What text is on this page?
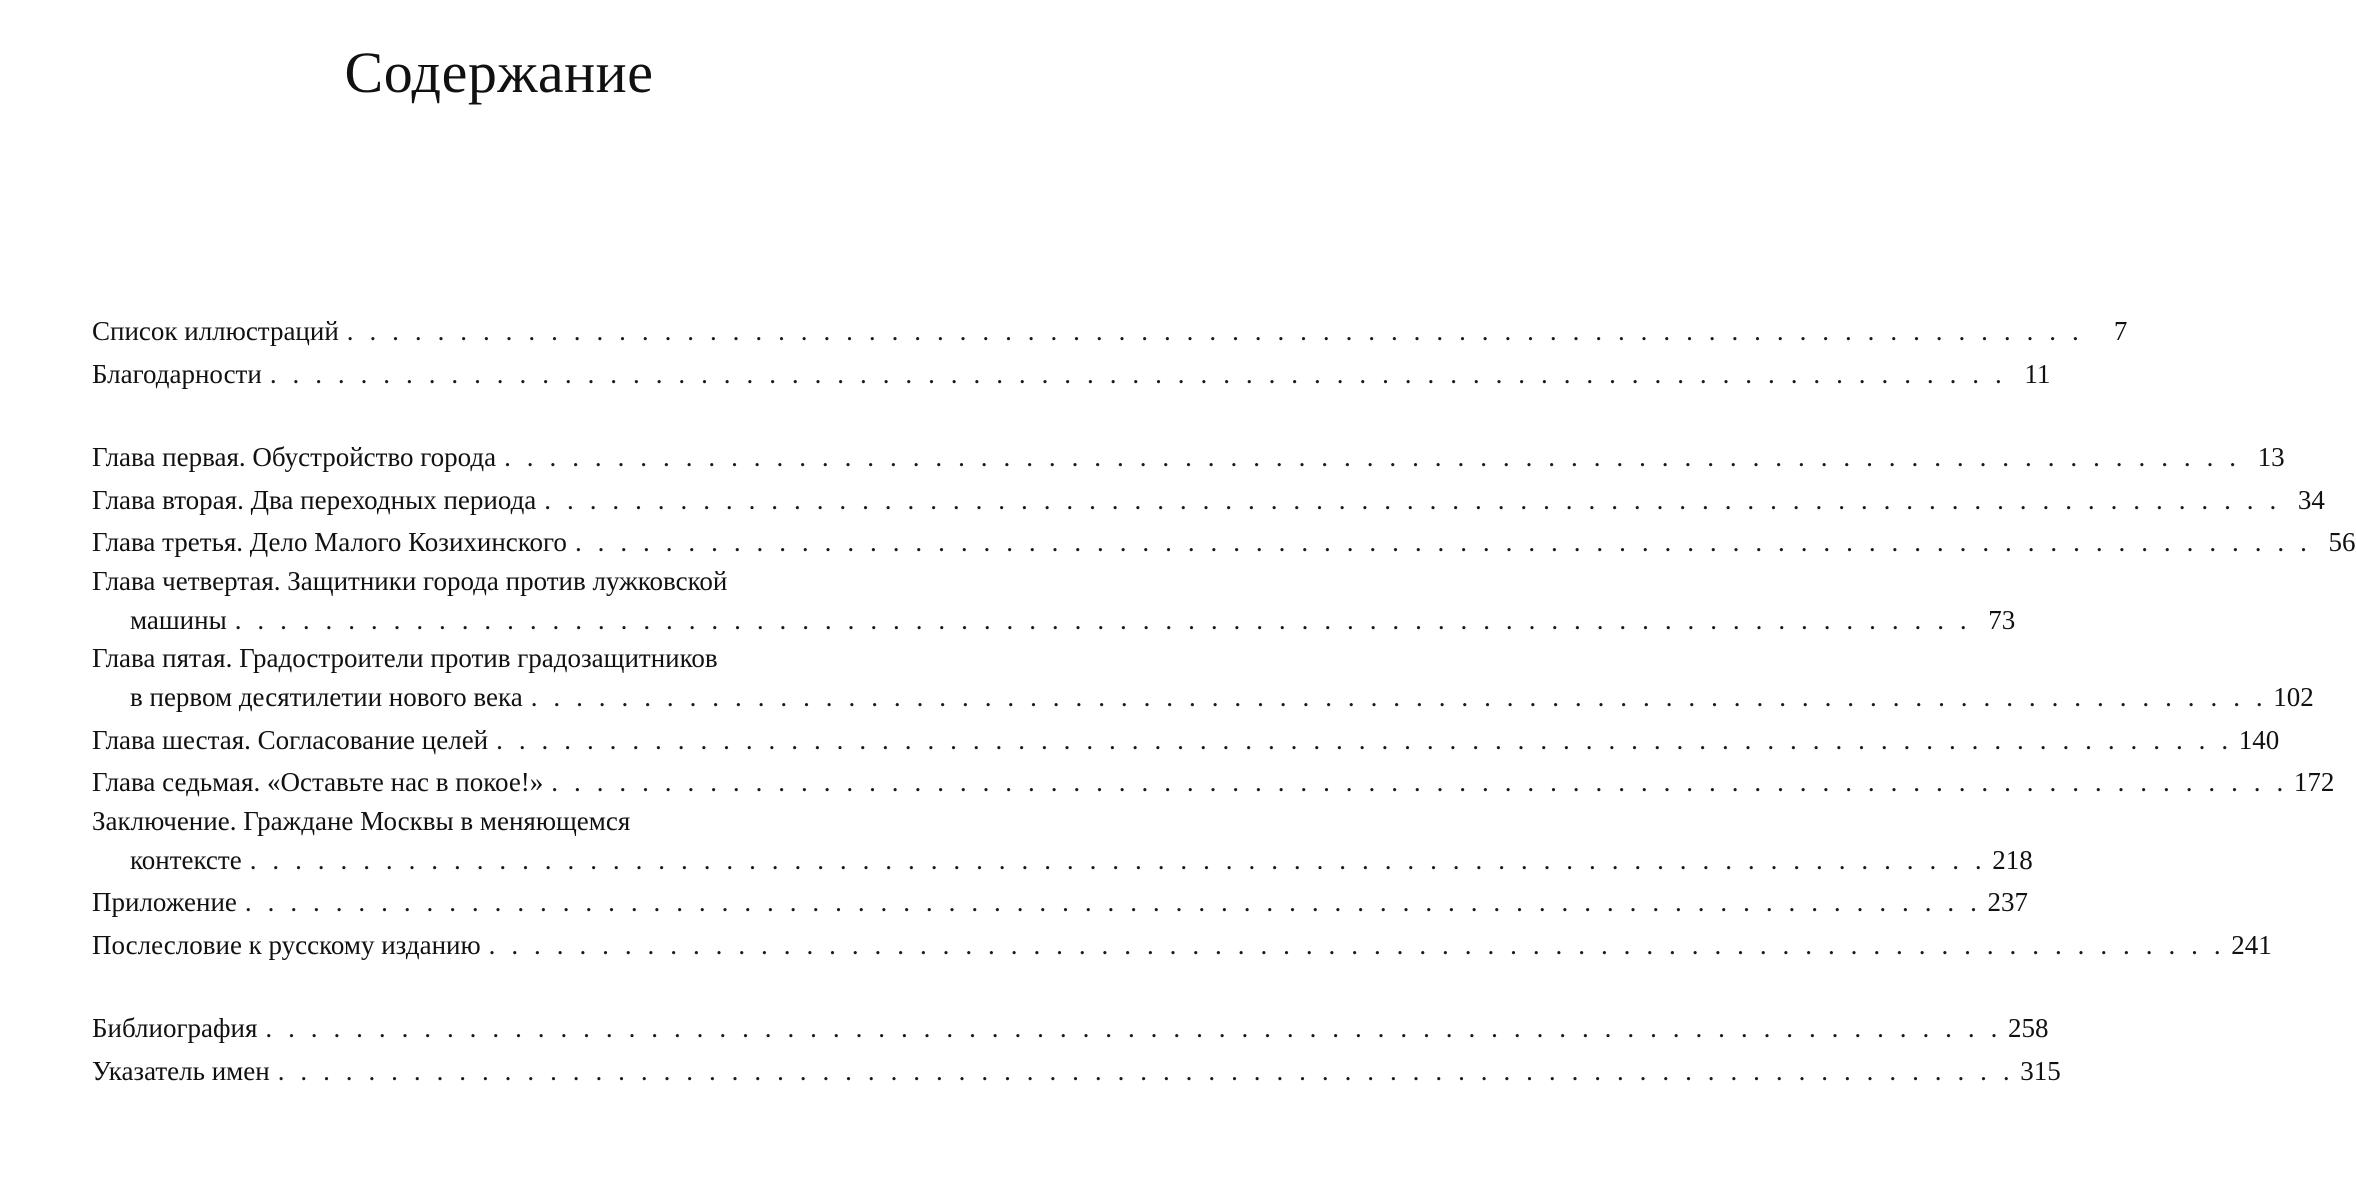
Содержание
Список иллюстраций . . . . . . . . . . . . . . . . . . . . . . . . . . . . . . . . . . . . . . . . . . . . . . . . . . . . . . . . . . . . . . . . . . . . . . . . . . . . .	7
Благодарности . . . . . . . . . . . . . . . . . . . . . . . . . . . . . . . . . . . . . . . . . . . . . . . . . . . . . . . . . . . . . . . . . . . . . . . . . . . . . 11
Глава первая. Обустройство города . . . . . . . . . . . . . . . . . . . . . . . . . . . . . . . . . . . . . . . . . . . . . . . . . . . . . . . . . . . . . . . . . . . . . . . . . . . . . 13
Глава вторая. Два переходных периода . . . . . . . . . . . . . . . . . . . . . . . . . . . . . . . . . . . . . . . . . . . . . . . . . . . . . . . . . . . . . . . . . . . . . . . . . . . . . 34
Глава третья. Дело Малого Козихинского . . . . . . . . . . . . . . . . . . . . . . . . . . . . . . . . . . . . . . . . . . . . . . . . . . . . . . . . . . . . . . . . . . . . . . . . . . . . . 56
Глава четвертая. Защитники города против лужковской
машины . . . . . . . . . . . . . . . . . . . . . . . . . . . . . . . . . . . . . . . . . . . . . . . . . . . . . . . . . . . . . . . . . . . . . . . . . . . . . 73
Глава пятая. Градостроители против градозащитников
в первом десятилетии нового века . . . . . . . . . . . . . . . . . . . . . . . . . . . . . . . . . . . . . . . . . . . . . . . . . . . . . . . . . . . . . . . . . . . . . . . . . . . . . 102
Глава шестая. Согласование целей . . . . . . . . . . . . . . . . . . . . . . . . . . . . . . . . . . . . . . . . . . . . . . . . . . . . . . . . . . . . . . . . . . . . . . . . . . . . . 140
Глава седьмая. «Оставьте нас в покое!» . . . . . . . . . . . . . . . . . . . . . . . . . . . . . . . . . . . . . . . . . . . . . . . . . . . . . . . . . . . . . . . . . . . . . . . . . . . . . 172
Заключение. Граждане Москвы в меняющемся
контексте . . . . . . . . . . . . . . . . . . . . . . . . . . . . . . . . . . . . . . . . . . . . . . . . . . . . . . . . . . . . . . . . . . . . . . . . . . . . . 218
Приложение . . . . . . . . . . . . . . . . . . . . . . . . . . . . . . . . . . . . . . . . . . . . . . . . . . . . . . . . . . . . . . . . . . . . . . . . . . . . . 237
Послесловие к русскому изданию . . . . . . . . . . . . . . . . . . . . . . . . . . . . . . . . . . . . . . . . . . . . . . . . . . . . . . . . . . . . . . . . . . . . . . . . . . . . . 241
Библиография . . . . . . . . . . . . . . . . . . . . . . . . . . . . . . . . . . . . . . . . . . . . . . . . . . . . . . . . . . . . . . . . . . . . . . . . . . . . . 258
Указатель имен . . . . . . . . . . . . . . . . . . . . . . . . . . . . . . . . . . . . . . . . . . . . . . . . . . . . . . . . . . . . . . . . . . . . . . . . . . . . . 315
